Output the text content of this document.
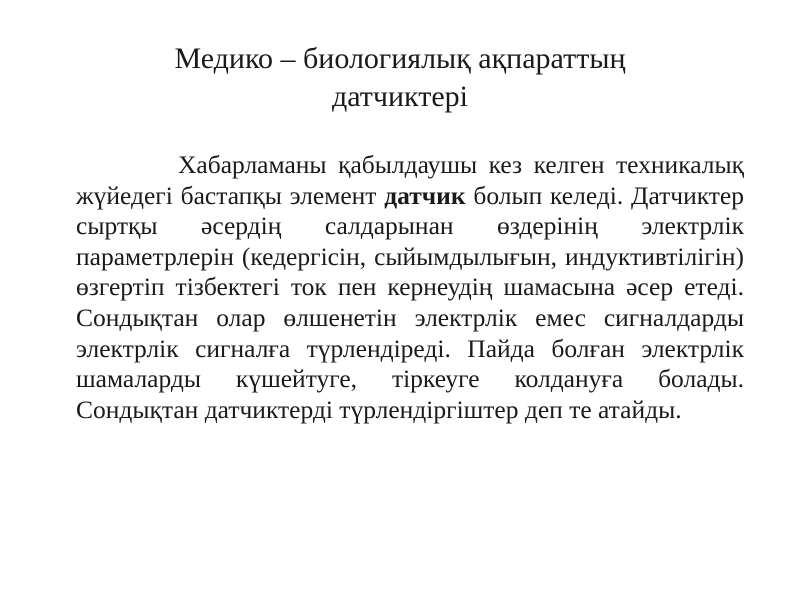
Медико – биологиялық ақпараттың
датчиктері

Хабарламаны қабылдаушы кез келген техникалық жүйедегі бастапқы элемент датчик болып келеді. Датчиктер сыртқы әсердің салдарынан өздерінің электрлік параметрлерін (кедергісін, сыйымдылығын, индуктивтілігін) өзгертіп тізбектегі ток пен кернеудің шамасына әсер етеді. Сондықтан олар өлшенетін электрлік емес сигналдарды электрлік сигналға түрлендіреді. Пайда болған электрлік шамаларды күшейтуге, тіркеуге колдануға болады. Сондықтан датчиктерді түрлендіргіштер деп те атайды.
